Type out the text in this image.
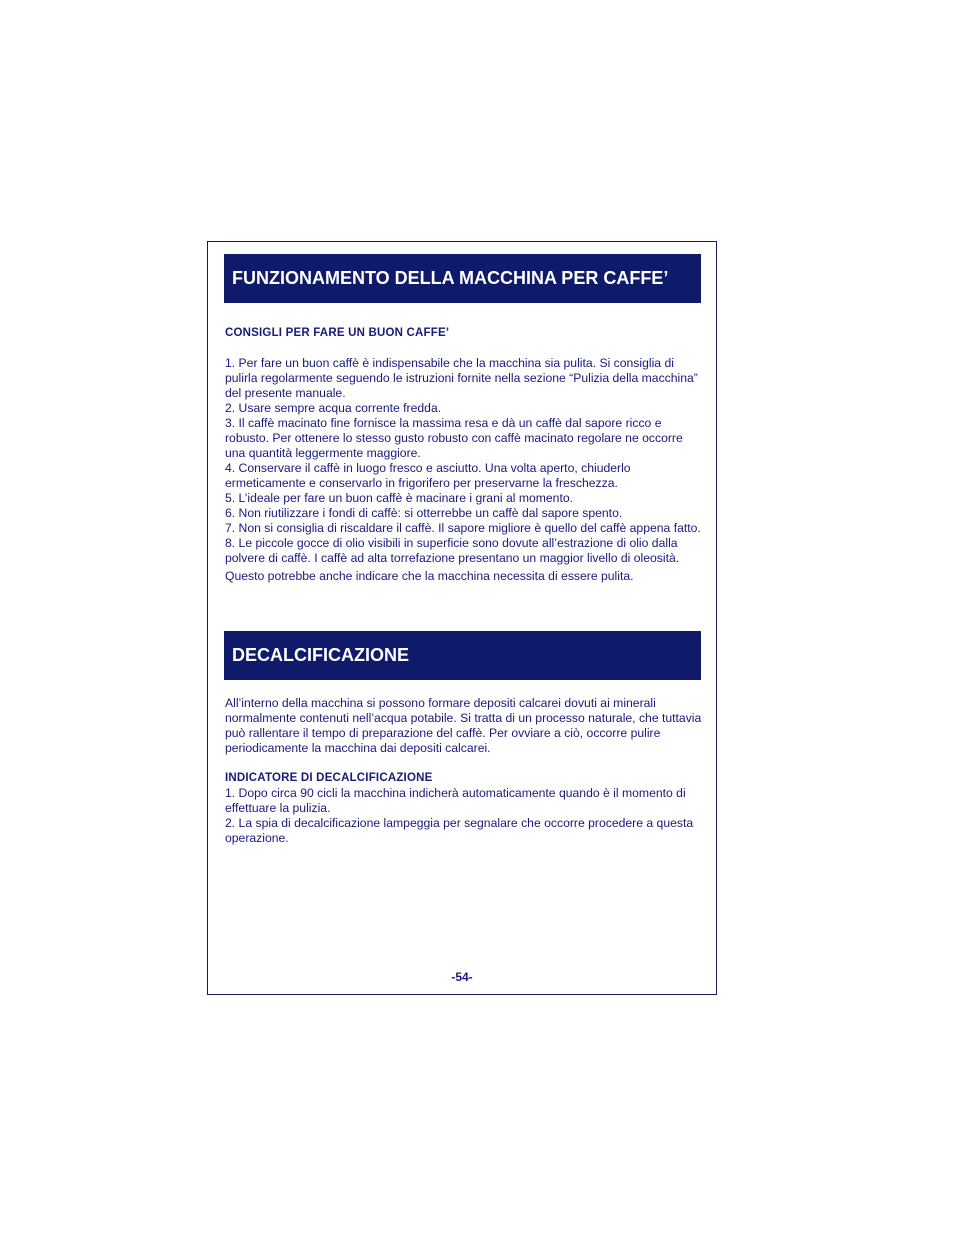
FUNZIONAMENTO DELLA MACCHINA PER CAFFE’
CONSIGLI PER FARE UN BUON CAFFE’

1. Per fare un buon caffè è indispensabile che la macchina sia pulita. Si consiglia di pulirla regolarmente seguendo le istruzioni fornite nella sezione “Pulizia della macchina” del presente manuale.

2. Usare sempre acqua corrente fredda.

3. Il caffè macinato fine fornisce la massima resa e dà un caffè dal sapore ricco e robusto. Per ottenere lo stesso gusto robusto con caffè macinato regolare ne occorre una quantità leggermente maggiore.

4. Conservare il caffè in luogo fresco e asciutto. Una volta aperto, chiuderlo ermeticamente e conservarlo in frigorifero per preservarne la freschezza.

5. L’ideale per fare un buon caffè è macinare i grani al momento.

6. Non riutilizzare i fondi di caffè: si otterrebbe un caffè dal sapore spento.

7. Non si consiglia di riscaldare il caffè. Il sapore migliore è quello del caffè appena fatto.

8. Le piccole gocce di olio visibili in superficie sono dovute all’estrazione di olio dalla polvere di caffè. I caffè ad alta torrefazione presentano un maggior livello di oleosità.

Questo potrebbe anche indicare che la macchina necessita di essere pulita.

DECALCIFICAZIONE

All’interno della macchina si possono formare depositi calcarei dovuti ai minerali normalmente contenuti nell’acqua potabile. Si tratta di un processo naturale, che tuttavia può rallentare il tempo di preparazione del caffè. Per ovviare a ciò, occorre pulire periodicamente la macchina dai depositi calcarei.

INDICATORE DI DECALCIFICAZIONE

1. Dopo circa 90 cicli la macchina indicherà automaticamente quando è il momento di effettuare la pulizia.

2. La spia di decalcificazione lampeggia per segnalare che occorre procedere a questa operazione.

-54-
